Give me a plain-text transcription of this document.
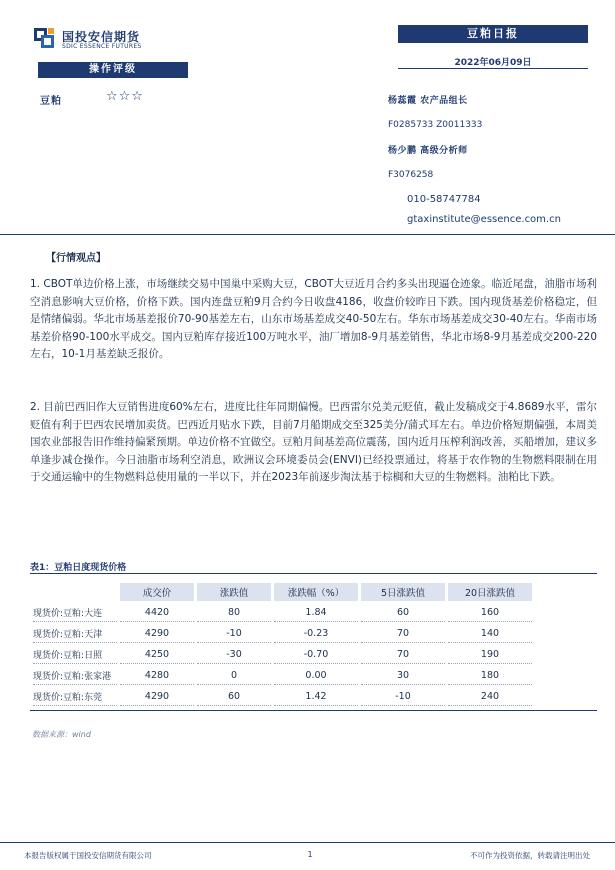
国投安信期货
SDIC ESSENCE FUTURES
豆粕日报
2022年06月09日
操作评级
豆粕	☆☆☆	杨蕊霞 农产品组长
F0285733 Z0011333
杨少鹏 高级分析师
F3076258
010-58747784
gtaxinstitute@essence.com.cn
【行情观点】

1. CBOT单边价格上涨，市场继续交易中国巢中采购大豆，CBOT大豆近月合约多头出现逼仓迹象。临近尾盘，油脂市场利空消息影响大豆价格，价格下跌。国内连盘豆粕9月合约今日收盘4186，收盘价较昨日下跌。国内现货基差价格稳定，但是情绪偏弱。华北市场基差报价70-90基差左右，山东市场基差成交40-50左右。华东市场基差成交30-40左右。华南市场基差价格90-100水平成交。国内豆粕库存接近100万吨水平，油厂增加8-9月基差销售，华北市场8-9月基差成交200-220左右，10-1月基差缺乏报价。

2. 目前巴西旧作大豆销售进度60%左右，进度比往年同期偏慢。巴西雷尔兑美元贬值，截止发稿成交于4.8689水平，雷尔贬值有利于巴西农民增加卖货。巴西近月贴水下跌，目前7月船期成交至325美分/蒲式耳左右。单边价格短期偏强，本周美国农业部报告旧作维持偏紧预期。单边价格不宜做空。豆粕月间基差高位震荡，国内近月压榨利润改善，买船增加，建议多单逢步减仓操作。今日油脂市场利空消息，欧洲议会环境委员会(ENVI)已经投票通过，将基于农作物的生物燃料限制在用于交通运输中的生物燃料总使用量的一半以下，并在2023年前逐步淘汰基于棕榈和大豆的生物燃料。油粕比下跌。

表1：豆粕日度现货价格
	成交价	涨跌值	涨跌幅（%）	5日涨跌值	20日涨跌值
现货价:豆粕:大连	4420	80	1.84	60	160
现货价:豆粕:天津	4290	-10	-0.23	70	140
现货价:豆粕:日照	4250	-30	-0.70	70	190
现货价:豆粕:张家港	4280	0	0.00	30	180
现货价:豆粕:东莞	4290	60	1.42	-10	240
数据来源：wind
本报告版权属于国投安信期货有限公司	1	不可作为投资依据，转载请注明出处
